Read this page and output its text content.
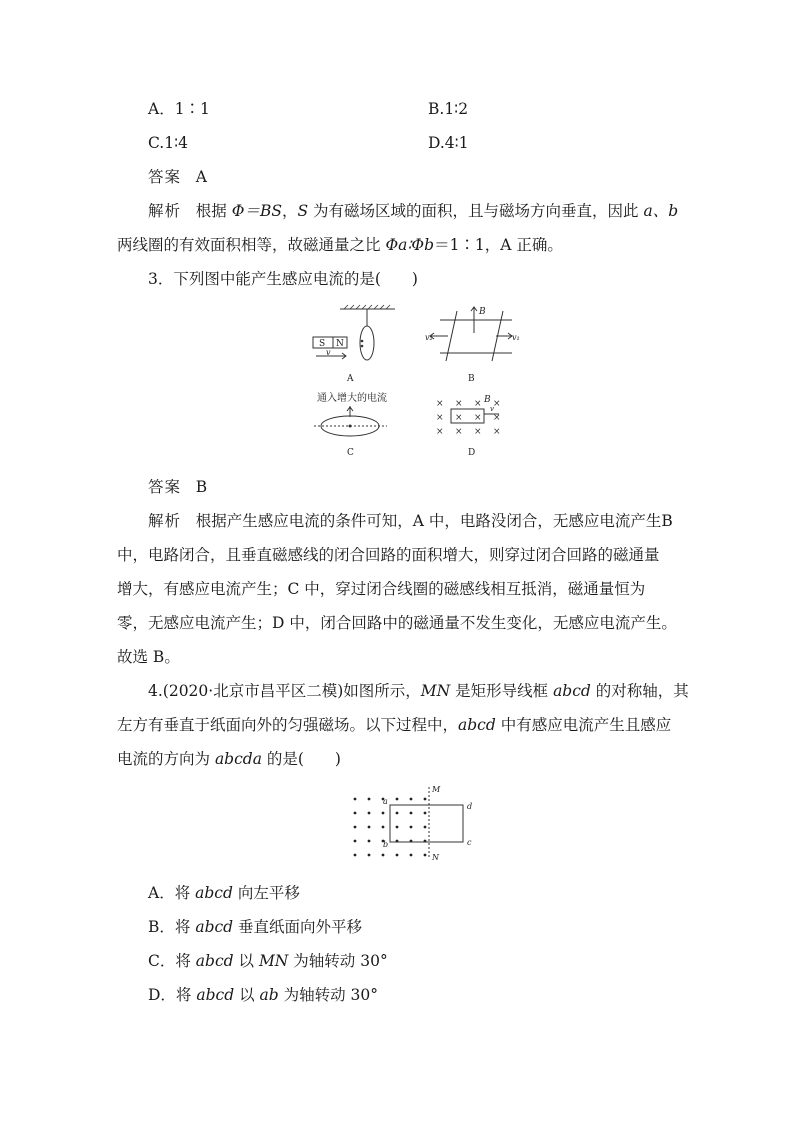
A．1∶1	B.1∶2
C.1∶4	D.4∶1
答案 A
解析 根据 Φ＝BS，S 为有磁场区域的面积，且与磁场方向垂直，因此 a、b
两线圈的有效面积相等，故磁通量之比 Φa∶Φb＝1∶1，A 正确。
3．下列图中能产生感应电流的是(　　)
S N
v
A
B
v₂	v₁
B
通入增大的电流
C
× × ×
×	× ×
× × × ×
×
×
v
B
D
答案 B
解析 根据产生感应电流的条件可知，A 中，电路没闭合，无感应电流产生B
中，电路闭合，且垂直磁感线的闭合回路的面积增大，则穿过闭合回路的磁通量
增大，有感应电流产生；C 中，穿过闭合线圈的磁感线相互抵消，磁通量恒为
零，无感应电流产生；D 中，闭合回路中的磁通量不发生变化，无感应电流产生。
故选 B。
4.(2020·北京市昌平区二模)如图所示，MN 是矩形导线框 abcd 的对称轴，其
左方有垂直于纸面向外的匀强磁场。以下过程中，abcd 中有感应电流产生且感应
电流的方向为 abcda 的是(　　)
M
N
a
b	c
d
A．将 abcd 向左平移
B．将 abcd 垂直纸面向外平移
C．将 abcd 以 MN 为轴转动 30°
D．将 abcd 以 ab 为轴转动 30°
